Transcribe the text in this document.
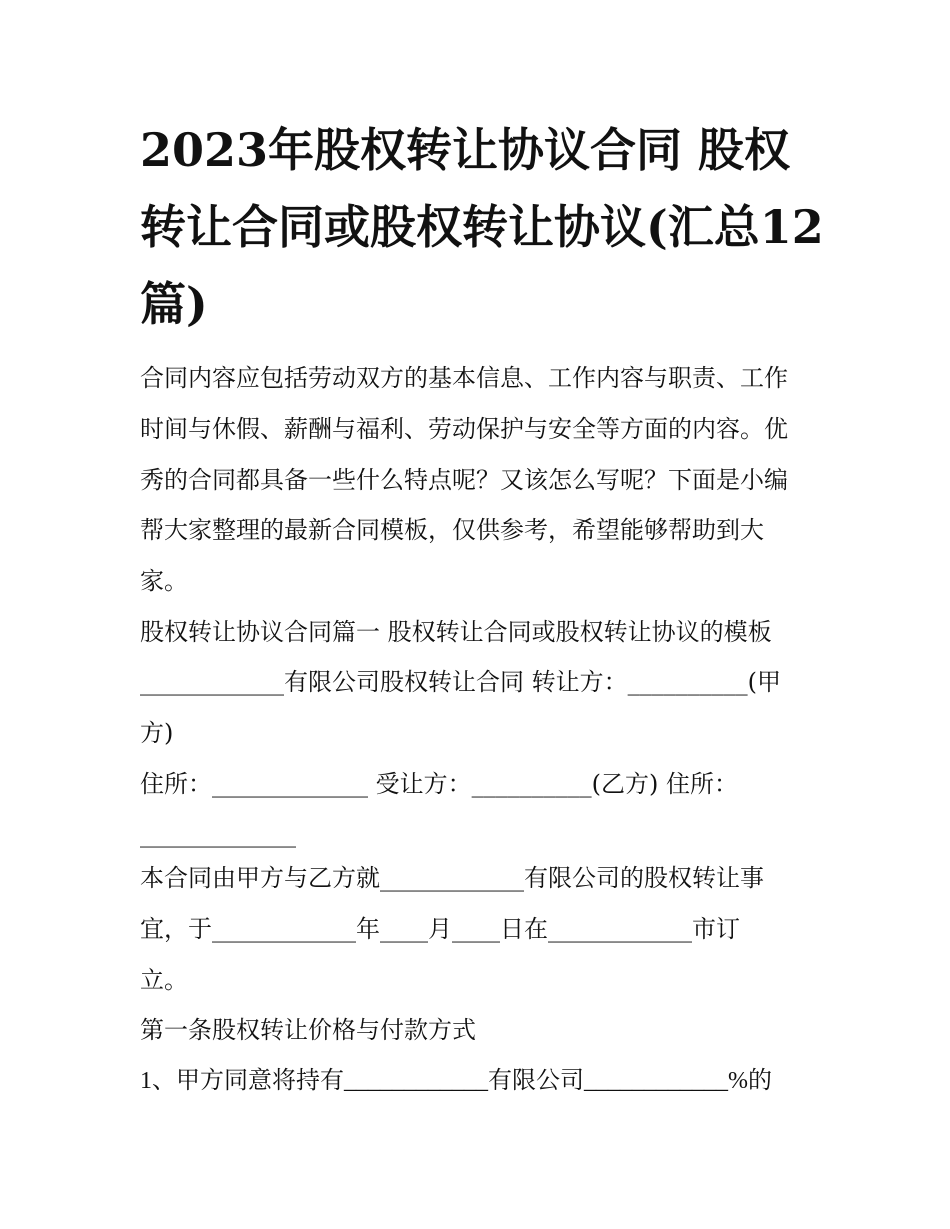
2023年股权转让协议合同 股权转让合同或股权转让协议(汇总12篇)
合同内容应包括劳动双方的基本信息、工作内容与职责、工作
时间与休假、薪酬与福利、劳动保护与安全等方面的内容。优
秀的合同都具备一些什么特点呢？又该怎么写呢？下面是小编
帮大家整理的最新合同模板，仅供参考，希望能够帮助到大
家。
股权转让协议合同篇一 股权转让合同或股权转让协议的模板
____________有限公司股权转让合同 转让方：__________(甲
方)
住所：_____________ 受让方：__________(乙方) 住所：
_____________
本合同由甲方与乙方就____________有限公司的股权转让事
宜，于____________年____月____日在____________市订
立。
第一条股权转让价格与付款方式
1、甲方同意将持有____________有限公司____________%的
